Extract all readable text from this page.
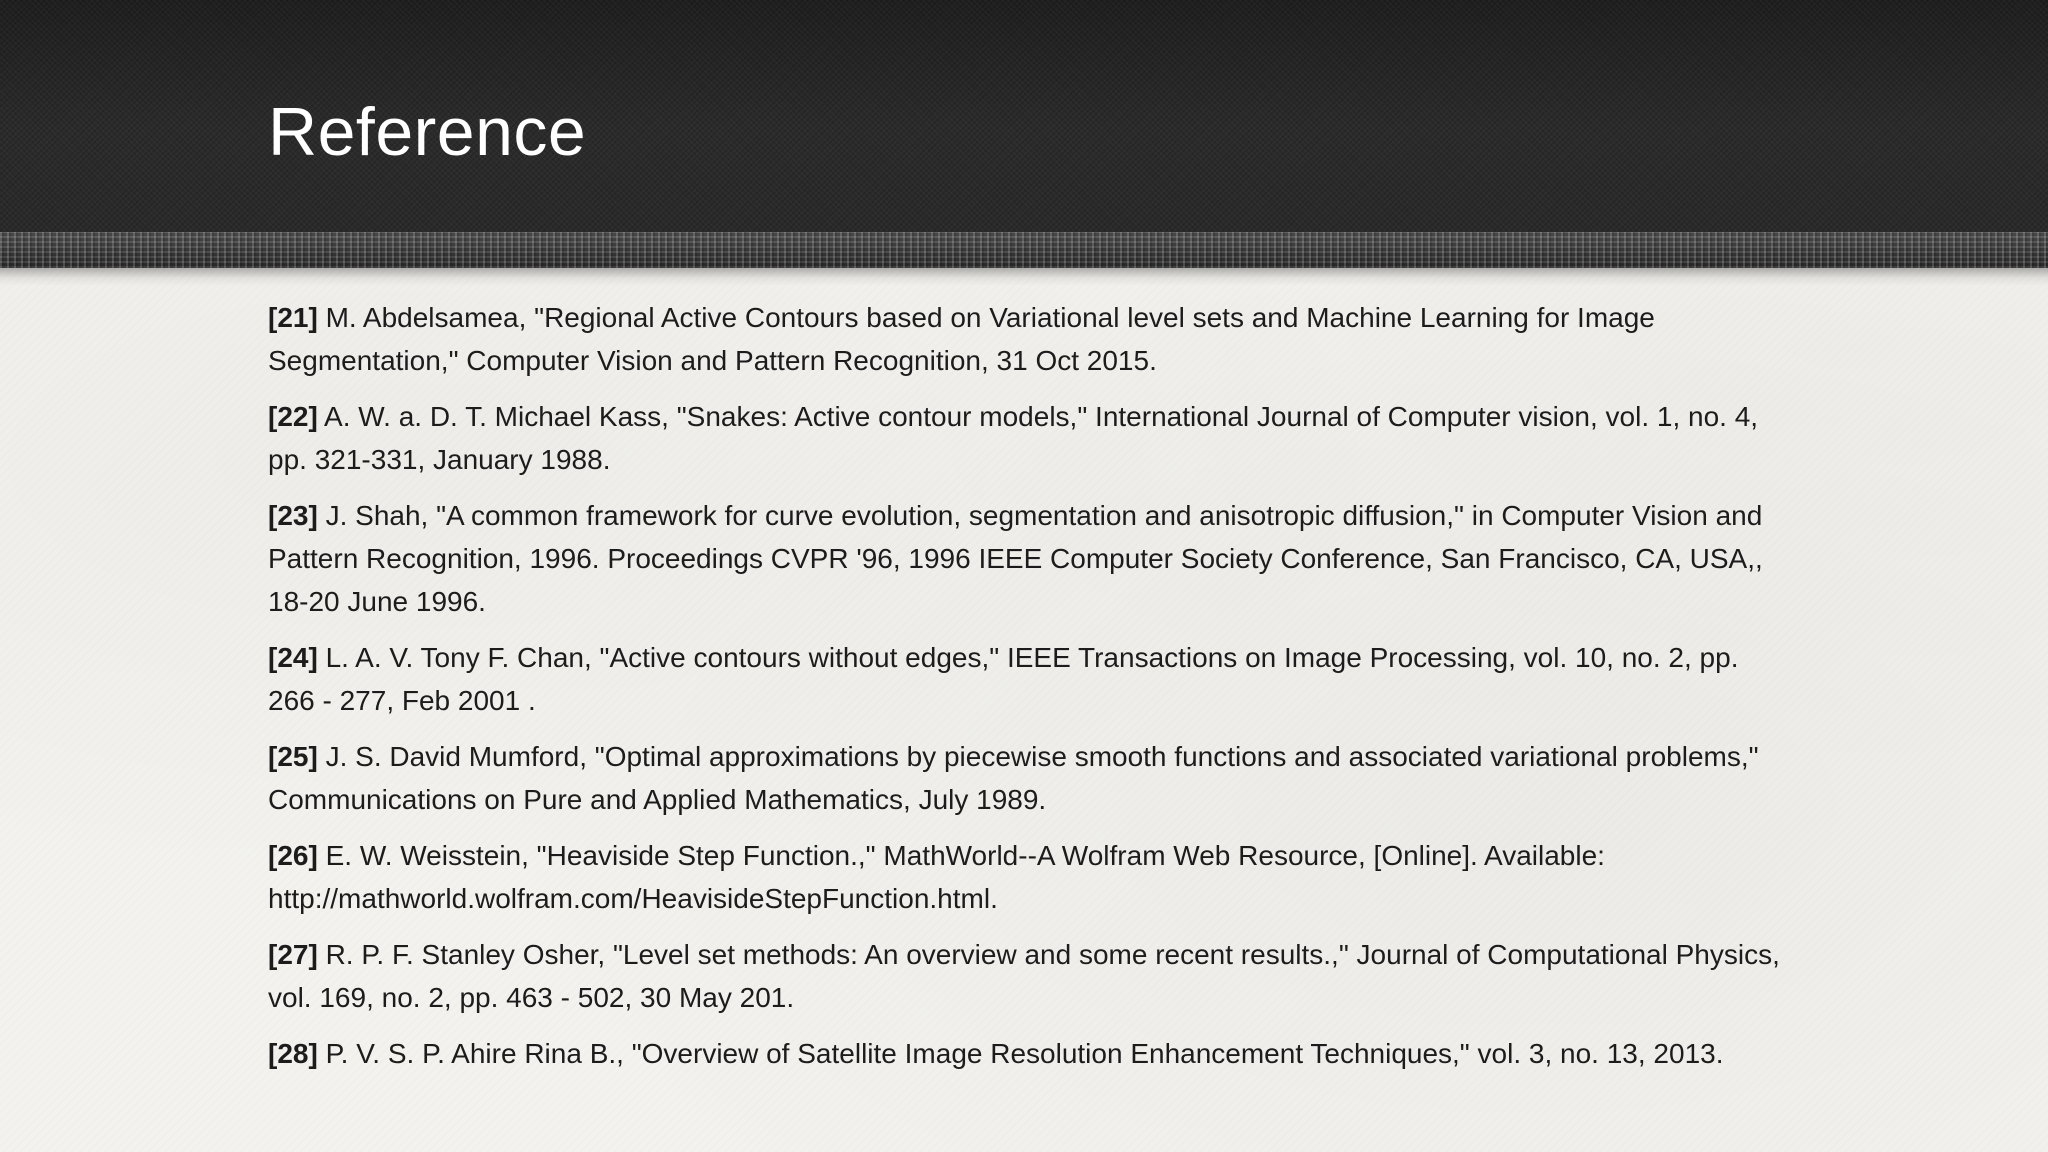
Reference
[21] M. Abdelsamea, "Regional Active Contours based on Variational level sets and Machine Learning for Image Segmentation," Computer Vision and Pattern Recognition, 31 Oct 2015.
[22] A. W. a. D. T. Michael Kass, "Snakes: Active contour models," International Journal of Computer vision, vol. 1, no. 4, pp. 321-331, January 1988.
[23] J. Shah, "A common framework for curve evolution, segmentation and anisotropic diffusion," in Computer Vision and Pattern Recognition, 1996. Proceedings CVPR '96, 1996 IEEE Computer Society Conference, San Francisco, CA, USA,, 18-20 June 1996.
[24] L. A. V. Tony F. Chan, "Active contours without edges," IEEE Transactions on Image Processing, vol. 10, no. 2, pp. 266 - 277, Feb 2001 .
[25] J. S. David Mumford, "Optimal approximations by piecewise smooth functions and associated variational problems," Communications on Pure and Applied Mathematics, July 1989.
[26] E. W. Weisstein, "Heaviside Step Function.," MathWorld--A Wolfram Web Resource, [Online]. Available: http://mathworld.wolfram.com/HeavisideStepFunction.html.
[27] R. P. F. Stanley Osher, "Level set methods: An overview and some recent results.," Journal of Computational Physics, vol. 169, no. 2, pp. 463 - 502, 30 May 201.
[28] P. V. S. P. Ahire Rina B., "Overview of Satellite Image Resolution Enhancement Techniques," vol. 3, no. 13, 2013.
